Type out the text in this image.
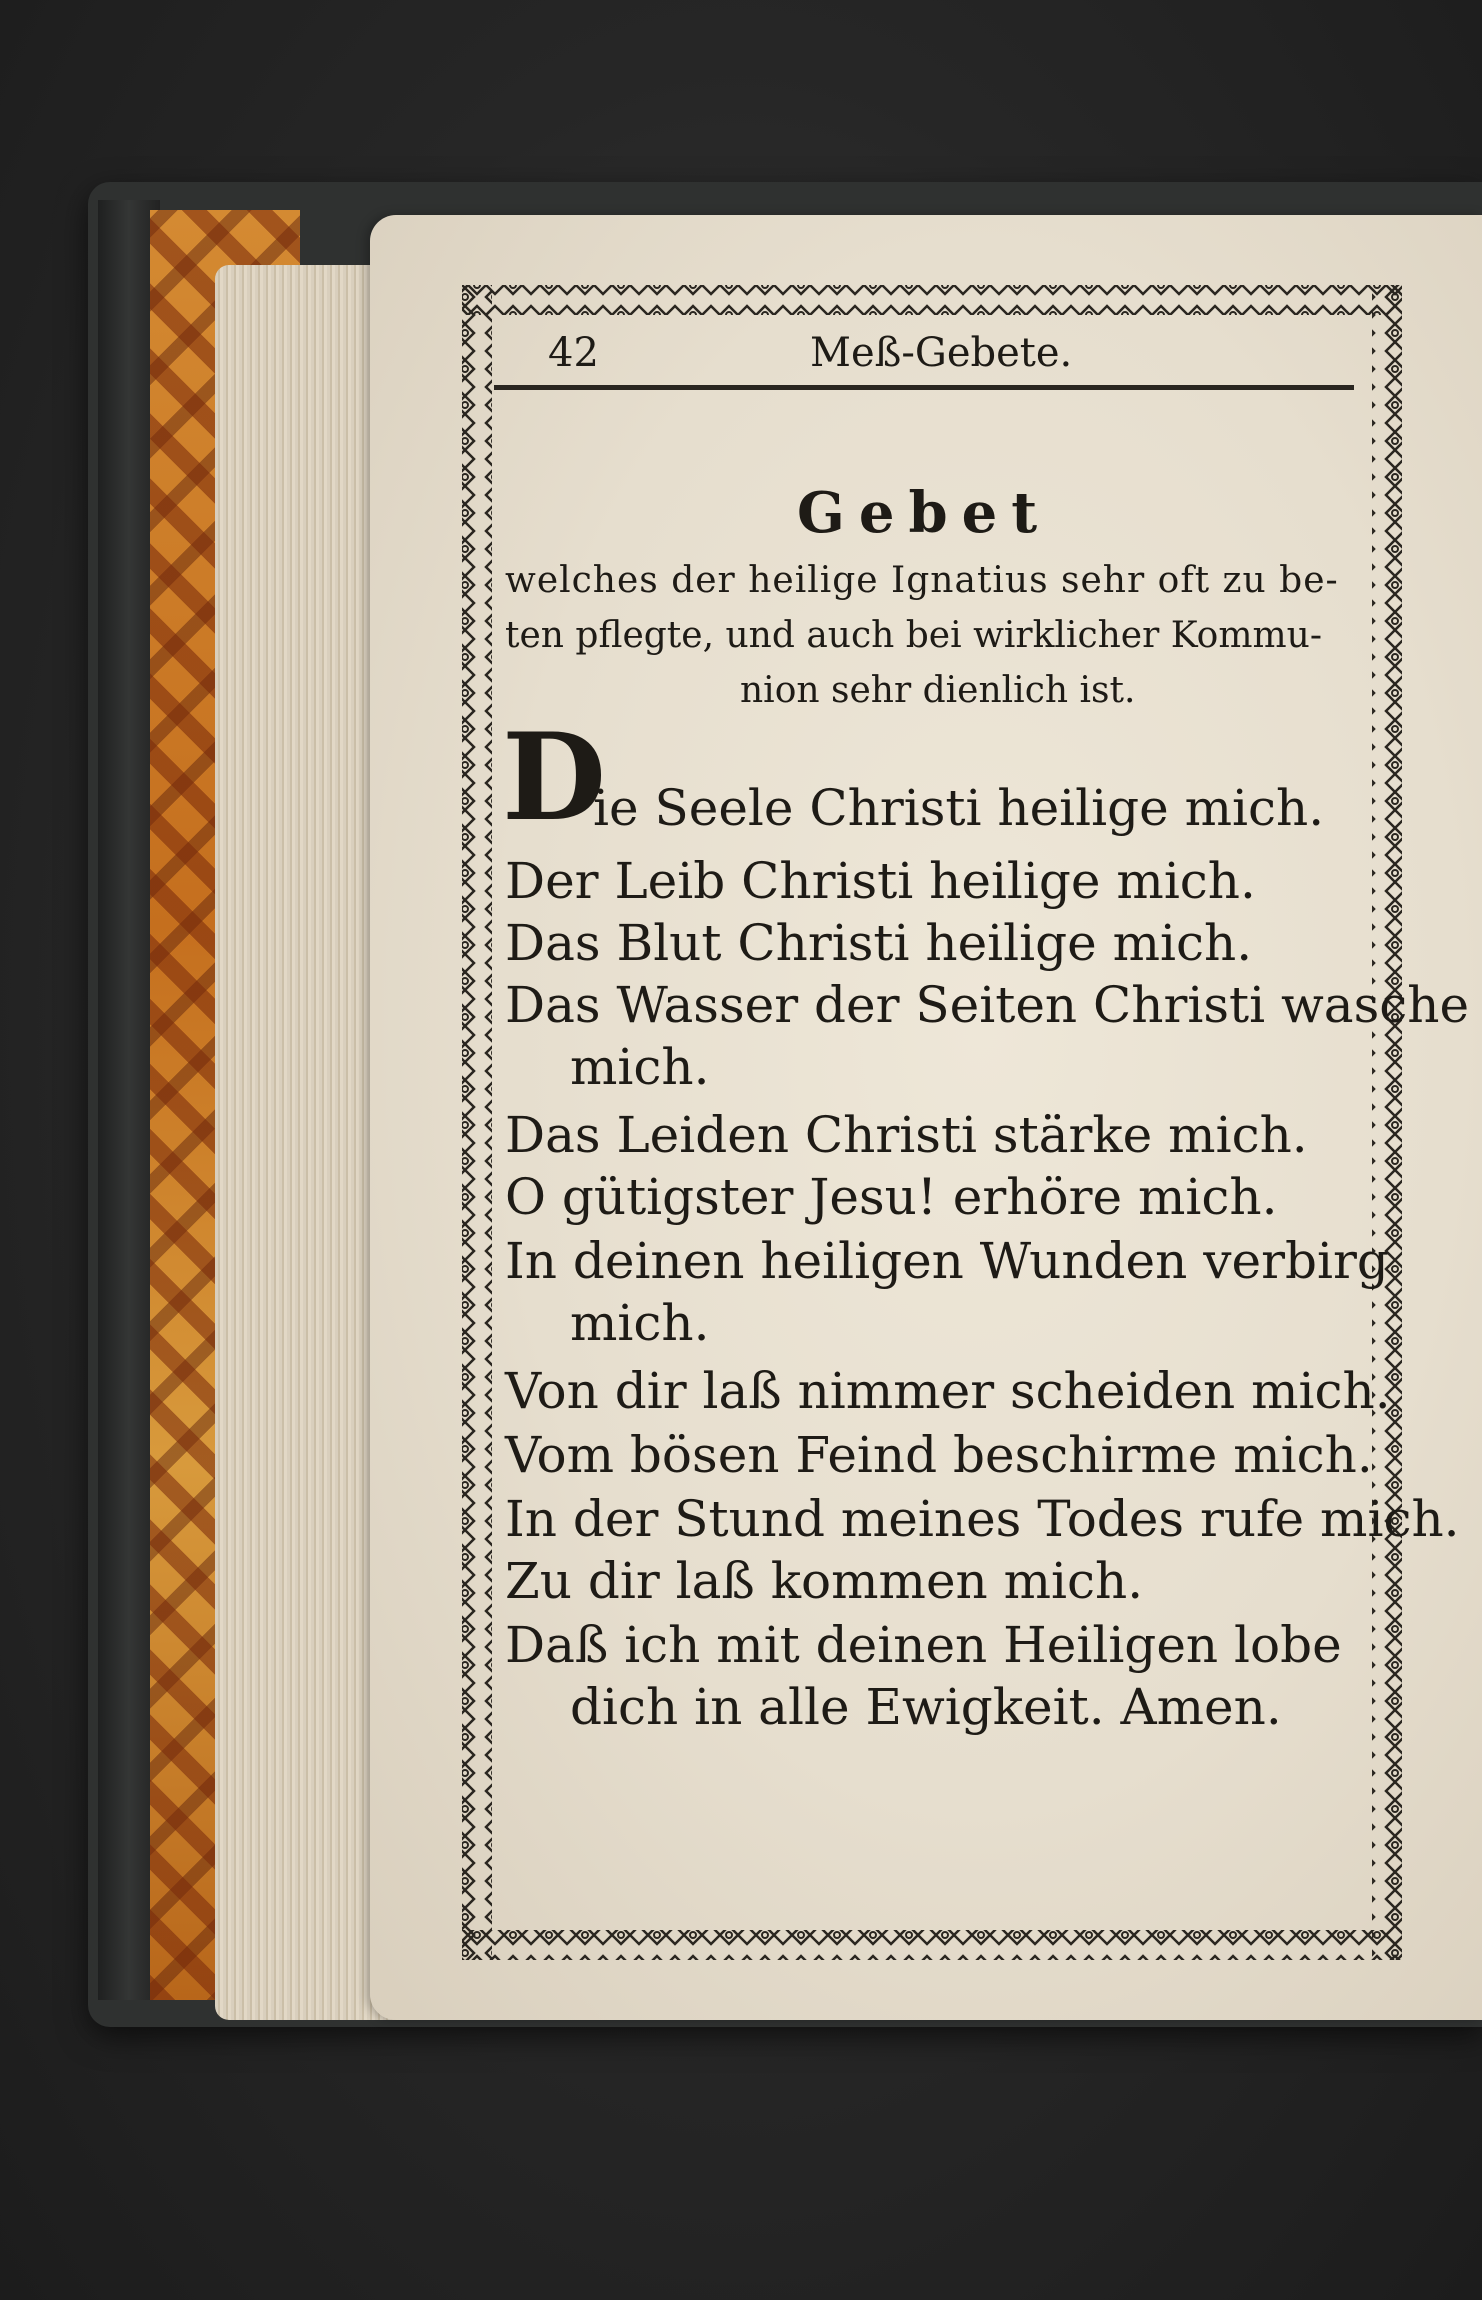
42	Meß-Gebete.
Gebet
welches der heilige Ignatius sehr oft zu be-
ten pflegte, und auch bei wirklicher Kommu-
nion sehr dienlich ist.
D
ie Seele Christi heilige mich.
Der Leib Christi heilige mich.
Das Blut Christi heilige mich.
Das Wasser der Seiten Christi wasche
mich.
Das Leiden Christi stärke mich.
O gütigster Jesu! erhöre mich.
In deinen heiligen Wunden verbirg
mich.
Von dir laß nimmer scheiden mich.
Vom bösen Feind beschirme mich.
In der Stund meines Todes rufe mich.
Zu dir laß kommen mich.
Daß ich mit deinen Heiligen lobe
dich in alle Ewigkeit. Amen.
